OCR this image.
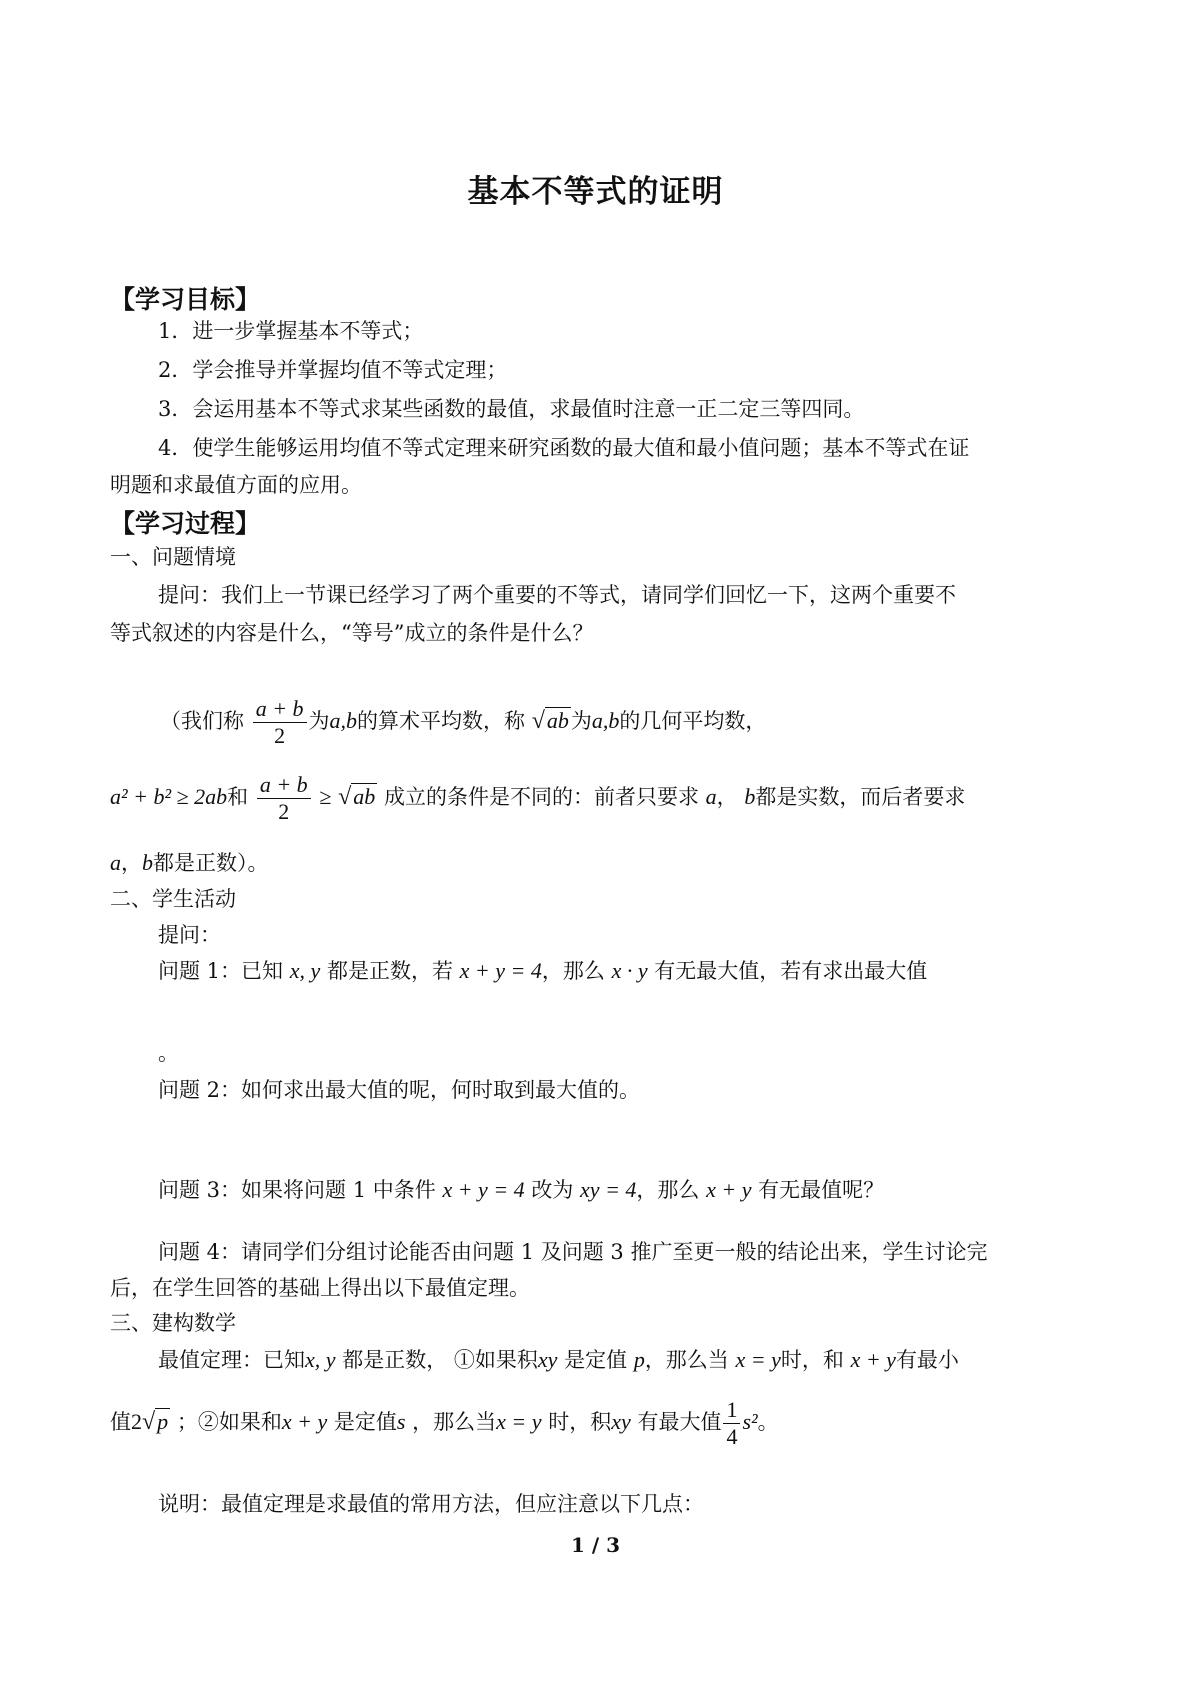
基本不等式的证明
【学习目标】
1．进一步掌握基本不等式；
2．学会推导并掌握均值不等式定理；
3．会运用基本不等式求某些函数的最值，求最值时注意一正二定三等四同。
4．使学生能够运用均值不等式定理来研究函数的最大值和最小值问题；基本不等式在证
明题和求最值方面的应用。
【学习过程】
一、问题情境
提问：我们上一节课已经学习了两个重要的不等式，请同学们回忆一下，这两个重要不
等式叙述的内容是什么，“等号”成立的条件是什么？
（我们称 $\frac{a + b}{2}$ 为a,b的算术平均数，称 √ab为a,b的几何平均数，
a² + b² ≥ 2ab和 $\frac{a + b}{2} \ge √ab$ 成立的条件是不同的：前者只要求 a， b都是实数，而后者要求
a，b都是正数）。
二、学生活动
提问：
问题 1：已知 x, y 都是正数，若 x + y = 4，那么 x · y 有无最大值，若有求出最大值
。
问题 2：如何求出最大值的呢，何时取到最大值的。
问题 3：如果将问题 1 中条件 x + y = 4 改为 xy = 4，那么 x + y 有无最值呢？
问题 4：请同学们分组讨论能否由问题 1 及问题 3 推广至更一般的结论出来，学生讨论完
后，在学生回答的基础上得出以下最值定理。
三、建构数学
最值定理：已知x, y 都是正数， ①如果积xy 是定值 p，那么当 x = y时，和 x + y有最小
值2√p ；②如果和x + y 是定值s ，那么当x = y 时，积xy 有最大值 $\frac{1}{4} s^2$。
说明：最值定理是求最值的常用方法，但应注意以下几点：
1 / 3
